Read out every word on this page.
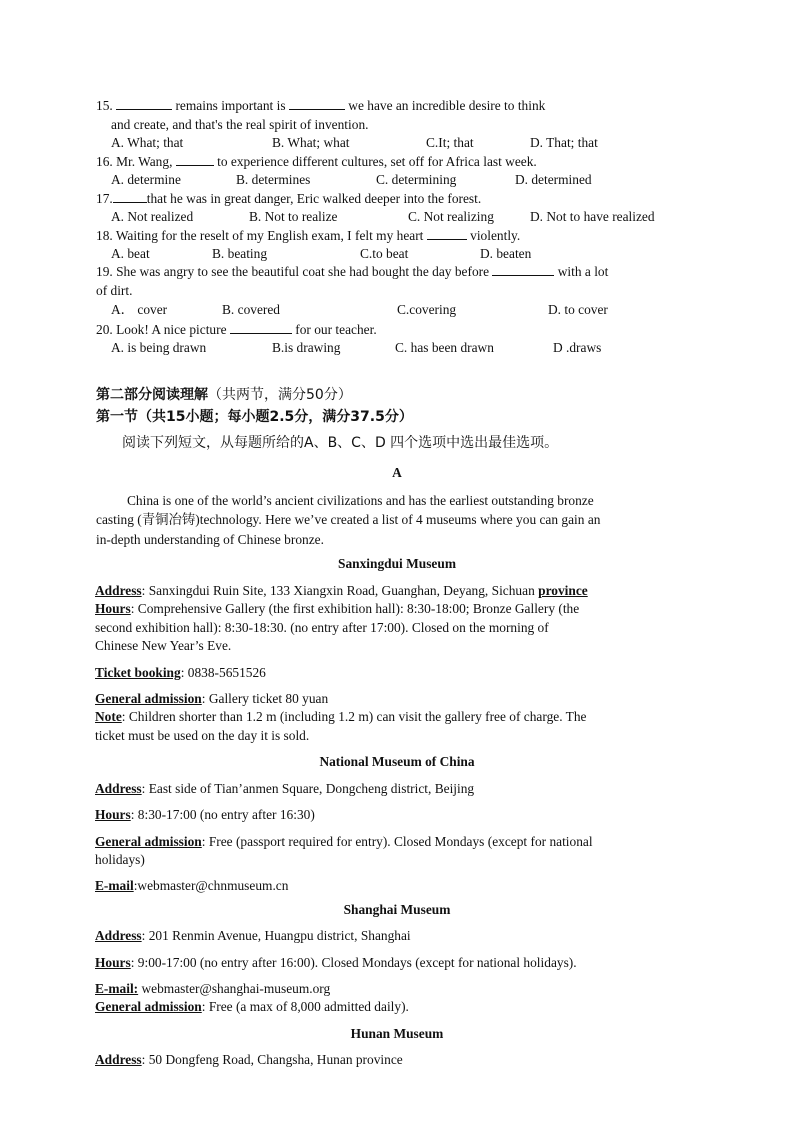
15.	remains important is	we have an incredible desire to think
and create, and that's the real spirit of invention.
A. What; that	B. What; what	C.It; that	D. That; that
16. Mr. Wang,	to experience different cultures, set off for Africa last week.
A. determine	B. determines	C. determining	D. determined
17.	that he was in great danger, Eric walked deeper into the forest.
A. Not realized	B. Not to realize	C. Not realizing	D. Not to have realized
18. Waiting for the reselt of my English exam, I felt my heart	violently.
A. beat	B. beating	C.to beat	D. beaten
19. She was angry to see the beautiful coat she had bought the day before	with a lot
of dirt.
A． cover	B. covered	C.covering	D. to cover
20. Look! A nice picture	for our teacher.
A. is being drawn	B.is drawing	C. has been drawn	D .draws
第二部分阅读理解（共两节，满分50分）
第一节（共15小题；每小题2.5分，满分37.5分）
阅读下列短文，从每题所给的A、B、C、D 四个选项中选出最佳选项。
A
China is one of the world’s ancient civilizations and has the earliest outstanding bronze
casting (青铜冶铸)technology. Here we’ve created a list of 4 museums where you can gain an
in-depth understanding of Chinese bronze.
Sanxingdui Museum
Address: Sanxingdui Ruin Site, 133 Xiangxin Road, Guanghan, Deyang, Sichuan province
Hours: Comprehensive Gallery (the first exhibition hall): 8:30-18:00; Bronze Gallery (the
second exhibition hall): 8:30-18:30. (no entry after 17:00). Closed on the morning of
Chinese New Year’s Eve.
Ticket booking: 0838-5651526
General admission: Gallery ticket 80 yuan
Note: Children shorter than 1.2 m (including 1.2 m) can visit the gallery free of charge. The
ticket must be used on the day it is sold.
National Museum of China
Address: East side of Tian’anmen Square, Dongcheng district, Beijing
Hours: 8:30-17:00 (no entry after 16:30)
General admission: Free (passport required for entry). Closed Mondays (except for national
holidays)
E-mail:webmaster@chnmuseum.cn
Shanghai Museum
Address: 201 Renmin Avenue, Huangpu district, Shanghai
Hours: 9:00-17:00 (no entry after 16:00). Closed Mondays (except for national holidays).
E-mail: webmaster@shanghai-museum.org
General admission: Free (a max of 8,000 admitted daily).
Hunan Museum
Address: 50 Dongfeng Road, Changsha, Hunan province
